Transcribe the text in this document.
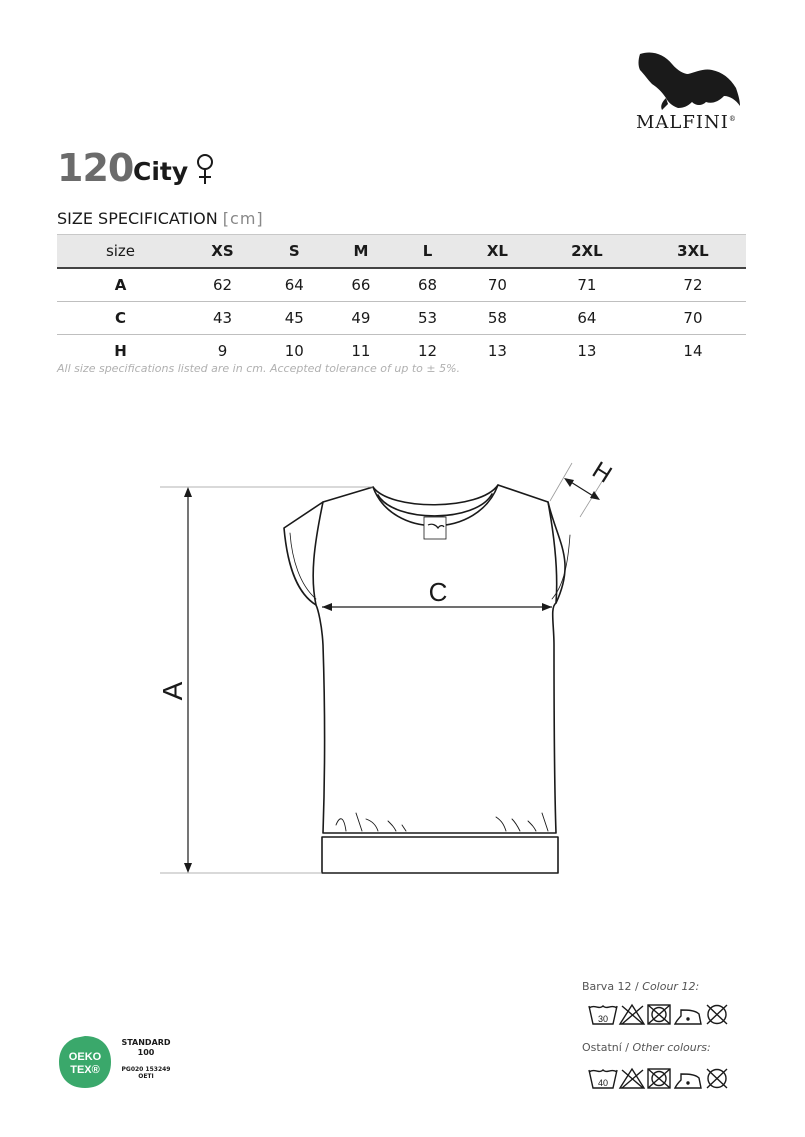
MALFINI®
120 City
SIZE SPECIFICATION [cm]
size	XS	S	M	L	XL	2XL	3XL
A	62	64	66	68	70	71	72
C	43	45	49	53	58	64	70
H	9	10	11	12	13	13	14
All size specifications listed are in cm. Accepted tolerance of up to ± 5%.
A
C
H
Barva 12 / Colour 12:
30
Ostatní / Other colours:
40
OEKO
TEX®
STANDARD
100
PG020 153249
OETI
